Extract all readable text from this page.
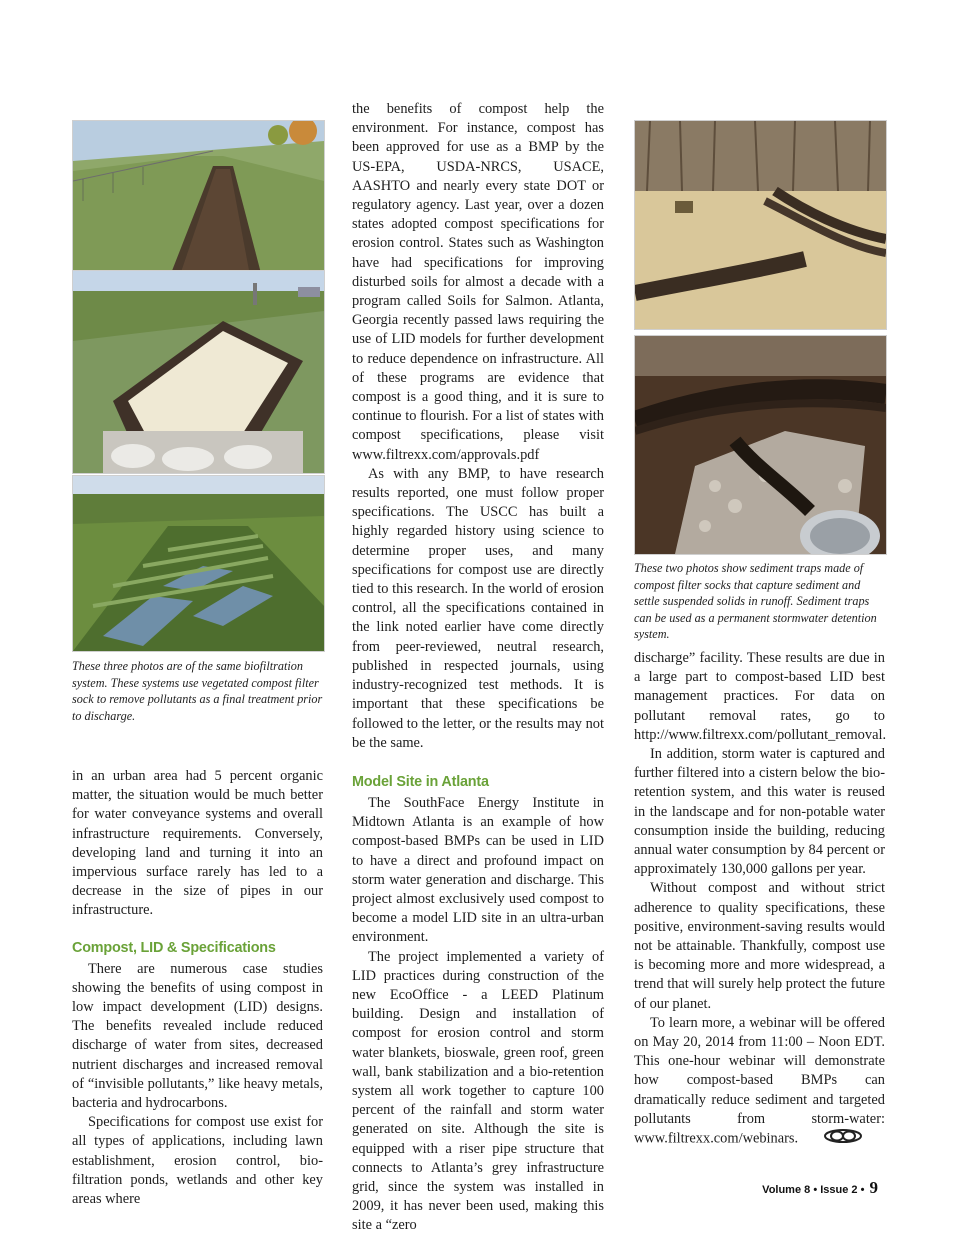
These three photos are of the same biofiltration system. These systems use vegetated compost filter sock to remove pollutants as a final treatment prior to discharge.

in an urban area had 5 percent organic matter, the situation would be much better for water conveyance systems and overall infrastructure requirements. Conversely, developing land and turning it into an impervious surface rarely has led to a decrease in the size of pipes in our infrastructure.

Compost, LID & Specifications

There are numerous case studies showing the benefits of using compost in low impact development (LID) designs. The benefits revealed include reduced discharge of water from sites, decreased nutrient discharges and increased removal of “invisible pollutants,” like heavy metals, bacteria and hydrocarbons.

Specifications for compost use exist for all types of applications, including lawn establishment, erosion control, bio-filtration ponds, wetlands and other key areas where

the benefits of compost help the environment. For instance, compost has been approved for use as a BMP by the US-EPA, USDA-NRCS, USACE, AASHTO and nearly every state DOT or regulatory agency. Last year, over a dozen states adopted compost specifications for erosion control. States such as Washington have had specifications for improving disturbed soils for almost a decade with a program called Soils for Salmon. Atlanta, Georgia recently passed laws requiring the use of LID models for further development to reduce dependence on infrastructure. All of these programs are evidence that compost is a good thing, and it is sure to continue to flourish. For a list of states with compost specifications, please visit www.filtrexx.com/approvals.pdf

As with any BMP, to have research results reported, one must follow proper specifications. The USCC has built a highly regarded history using science to determine proper uses, and many specifications for compost use are directly tied to this research. In the world of erosion control, all the specifications contained in the link noted earlier have come directly from peer-reviewed, neutral research, published in respected journals, using industry-recognized test methods. It is important that these specifications be followed to the letter, or the results may not be the same.

Model Site in Atlanta

The SouthFace Energy Institute in Midtown Atlanta is an example of how compost-based BMPs can be used in LID to have a direct and profound impact on storm water generation and discharge. This project almost exclusively used compost to become a model LID site in an ultra-urban environment.

The project implemented a variety of LID practices during construction of the new EcoOffice - a LEED Platinum building. Design and installation of compost for erosion control and storm water blankets, bioswale, green roof, green wall, bank stabilization and a bio-retention system all work together to capture 100 percent of the rainfall and storm water generated on site. Although the site is equipped with a riser pipe structure that connects to Atlanta’s grey infrastructure grid, since the system was installed in 2009, it has never been used, making this site a “zero

These two photos show sediment traps made of compost filter socks that capture sediment and settle suspended solids in runoff. Sediment traps can be used as a permanent stormwater detention system.

discharge” facility. These results are due in a large part to compost-based LID best management practices. For data on pollutant removal rates, go to http://www.filtrexx.com/pollutant_removal.

In addition, storm water is captured and further filtered into a cistern below the bio-retention system, and this water is reused in the landscape and for non-potable water consumption inside the building, reducing annual water consumption by 84 percent or approximately 130,000 gallons per year.

Without compost and without strict adherence to quality specifications, these positive, environment-saving results would not be attainable. Thankfully, compost use is becoming more and more widespread, a trend that will surely help protect the future of our planet.

To learn more, a webinar will be offered on May 20, 2014 from 11:00 – Noon EDT. This one-hour webinar will demonstrate how compost-based BMPs can dramatically reduce sediment and targeted pollutants from storm-water: www.filtrexx.com/webinars.

Volume 8 • Issue 2 • 9
